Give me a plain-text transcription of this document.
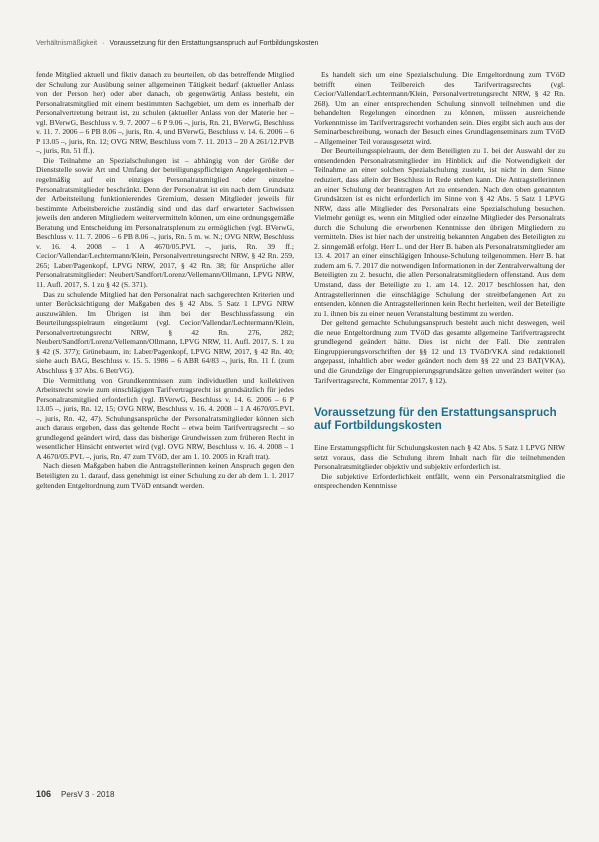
Verhältnismäßigkeit · Voraussetzung für den Erstattungsanspruch auf Fortbildungskosten

fende Mitglied aktuell und fiktiv danach zu beurteilen, ob das betreffende Mitglied der Schulung zur Ausübung seiner allgemeinen Tätigkeit bedarf (aktueller Anlass von der Person her) oder aber danach, ob gegenwärtig Anlass besteht, ein Personalratsmitglied mit einem bestimmten Sachgebiet, um dem es innerhalb der Personalvertretung betraut ist, zu schulen (aktueller Anlass von der Materie her – vgl. BVerwG, Beschluss v. 9. 7. 2007 – 6 P 9.06 –, juris, Rn. 21, BVerwG, Beschluss v. 11. 7. 2006 – 6 PB 8.06 –, juris, Rn. 4, und BVerwG, Beschluss v. 14. 6. 2006 – 6 P 13.05 –, juris, Rn. 12; OVG NRW, Beschluss vom 7. 11. 2013 – 20 A 261/12.PVB –, juris, Rn. 51 ff.).

Die Teilnahme an Spezialschulungen ist – abhängig von der Größe der Dienststelle sowie Art und Umfang der beteiligungspflichtigen Angelegenheiten – regelmäßig auf ein einziges Personalratsmitglied oder einzelne Personalratsmitglieder beschränkt. Denn der Personalrat ist ein nach dem Grundsatz der Arbeitsteilung funktionierendes Gremium, dessen Mitglieder jeweils für bestimmte Arbeitsbereiche zuständig sind und das darf erwarteter Sachwissen jeweils den anderen Mitgliedern weitervermitteln können, um eine ordnungsgemäße Beratung und Entscheidung im Personalratsplenum zu ermöglichen (vgl. BVerwG, Beschluss v. 11. 7. 2006 – 6 PB 8.06 –, juris, Rn. 5 m. w. N.; OVG NRW, Beschluss v. 16. 4. 2008 – 1 A 4670/05.PVL –, juris, Rn. 39 ff.; Cecior/Vallendar/Lechtermann/Klein, Personalvertretungsrecht NRW, § 42 Rn. 259, 265; Laber/Pagenkopf, LPVG NRW, 2017, § 42 Rn. 38; für Ansprüche aller Personalratsmitglieder: Neubert/Sandfort/Lorenz/Vellemann/Ollmann, LPVG NRW, 11. Aufl. 2017, S. 1 zu § 42 (S. 371).

Das zu schulende Mitglied hat den Personalrat nach sachgerechten Kriterien und unter Berücksichtigung der Maßgaben des § 42 Abs. 5 Satz 1 LPVG NRW auszuwählen. Im Übrigen ist ihm bei der Beschlussfassung ein Beurteilungsspielraum eingeräumt (vgl. Cecior/Vallendar/Lechtermann/Klein, Personalvertretungsrecht NRW, § 42 Rn. 276, 282; Neubert/Sandfort/Lorenz/Vellemann/Ollmann, LPVG NRW, 11. Aufl. 2017, S. 1 zu § 42 (S. 377); Grünebaum, in: Laber/Pagenkopf, LPVG NRW, 2017, § 42 Rn. 40; siehe auch BAG, Beschluss v. 15. 5. 1986 – 6 ABR 64/83 –, juris, Rn. 11 f. (zum Abschluss § 37 Abs. 6 BetrVG).

Die Vermittlung von Grundkenntnissen zum individuellen und kollektiven Arbeitsrecht sowie zum einschlägigen Tarifvertragsrecht ist grundsätzlich für jedes Personalratsmitglied erforderlich (vgl. BVerwG, Beschluss v. 14. 6. 2006 – 6 P 13.05 –, juris, Rn. 12, 15; OVG NRW, Beschluss v. 16. 4. 2008 – 1 A 4670/05.PVL –, juris, Rn. 42, 47). Schulungsansprüche der Personalratsmitglieder können sich auch daraus ergeben, dass das geltende Recht – etwa beim Tarifvertragsrecht – so grundlegend geändert wird, dass das bisherige Grundwissen zum früheren Recht in wesentlicher Hinsicht entwertet wird (vgl. OVG NRW, Beschluss v. 16. 4. 2008 – 1 A 4670/05.PVL –, juris, Rn. 47 zum TVöD, der am 1. 10. 2005 in Kraft trat).

Nach diesen Maßgaben haben die Antragstellerinnen keinen Anspruch gegen den Beteiligten zu 1. darauf, dass genehmigt ist einer Schulung zu der ab dem 1. 1. 2017 geltenden Entgeltordnung zum TVöD entsandt werden.

Es handelt sich um eine Spezialschulung. Die Entgeltordnung zum TVöD betrifft einen Teilbereich des Tarifvertragsrechts (vgl. Cecior/Vallendar/Lechtermann/Klein, Personalvertretungsrecht NRW, § 42 Rn. 268). Um an einer entsprechenden Schulung sinnvoll teilnehmen und die behandelten Regelungen einordnen zu können, müssen ausreichende Vorkenntnisse im Tarifvertragsrecht vorhanden sein. Dies ergibt sich auch aus der Seminarbeschreibung, wonach der Besuch eines Grundlagenseminars zum TVöD – Allgemeiner Teil vorausgesetzt wird.

Der Beurteilungsspielraum, der dem Beteiligten zu 1. bei der Auswahl der zu entsendenden Personalratsmitglieder im Hinblick auf die Notwendigkeit der Teilnahme an einer solchen Spezialschulung zusteht, ist nicht in dem Sinne reduziert, dass allein der Beschluss in Rede stehen kann. Die Antragstellerinnen an einer Schulung der beantragten Art zu entsenden. Nach den oben genannten Grundsätzen ist es nicht erforderlich im Sinne von § 42 Abs. 5 Satz 1 LPVG NRW, dass alle Mitglieder des Personalrats eine Spezialschulung besuchen. Vielmehr genügt es, wenn ein Mitglied oder einzelne Mitglieder des Personalrats durch die Schulung die erworbenen Kenntnisse den übrigen Mitgliedern zu vermitteln. Dies ist hier nach der unstreitig bekannten Angaben des Beteiligten zu 2. sinngemäß erfolgt. Herr L. und der Herr B. haben als Personalratsmitglieder am 13. 4. 2017 an einer einschlägigen Inhouse-Schulung teilgenommen. Herr B. hat zudem am 6. 7. 2017 die notwendigen Informationen in der Zentralverwaltung der Beteiligten zu 2. besucht, die allen Personalratsmitgliedern offenstand. Aus dem Umstand, dass der Beteiligte zu 1. am 14. 12. 2017 beschlossen hat, den Antragstellerinnen die einschlägige Schulung der streitbefangenen Art zu entsenden, können die Antragstellerinnen kein Recht herleiten, weil der Beteiligte zu 1. ihnen bis zu einer neuen Veranstaltung bestimmt zu werden.

Der geltend gemachte Schulungsanspruch besteht auch nicht deswegen, weil die neue Entgeltordnung zum TVöD das gesamte allgemeine Tarifvertragsrecht grundlegend geändert hätte. Dies ist nicht der Fall. Die zentralen Eingruppierungsvorschriften der §§ 12 und 13 TVöD/VKA sind redaktionell angepasst, inhaltlich aber weder geändert noch dem §§ 22 und 23 BAT(VKA), und die Grundzüge der Eingruppierungsgrundsätze gelten unverändert weiter (so Tarifvertragsrecht, Kommentar 2017, § 12).

Voraussetzung für den Erstattungsanspruch auf Fortbildungskosten

Eine Erstattungspflicht für Schulungskosten nach § 42 Abs. 5 Satz 1 LPVG NRW setzt voraus, dass die Schulung ihrem Inhalt nach für die teilnehmenden Personalratsmitglieder objektiv und subjektiv erforderlich ist.

Die subjektive Erforderlichkeit entfällt, wenn ein Personalratsmitglied die entsprechenden Kenntnisse

106 PersV 3 · 2018
